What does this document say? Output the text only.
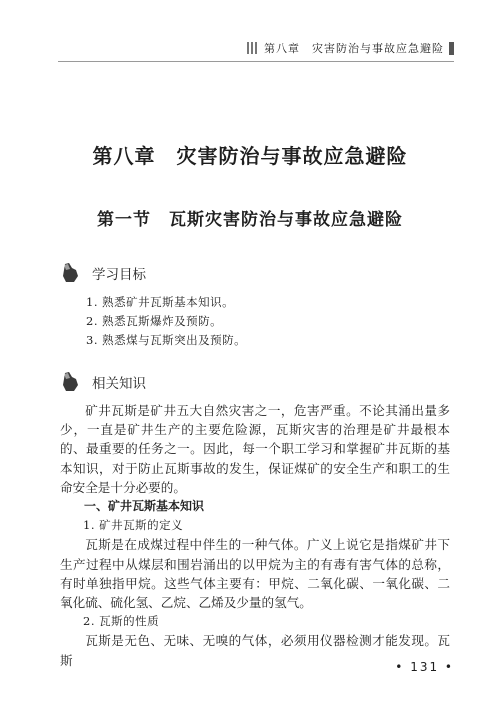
第八章　灾害防治与事故应急避险
第八章　灾害防治与事故应急避险
第一节　瓦斯灾害防治与事故应急避险
学习目标
1. 熟悉矿井瓦斯基本知识。
2. 熟悉瓦斯爆炸及预防。
3. 熟悉煤与瓦斯突出及预防。
相关知识

矿井瓦斯是矿井五大自然灾害之一，危害严重。不论其涌出量多少，一直是矿井生产的主要危险源，瓦斯灾害的治理是矿井最根本的、最重要的任务之一。因此，每一个职工学习和掌握矿井瓦斯的基本知识，对于防止瓦斯事故的发生，保证煤矿的安全生产和职工的生命安全是十分必要的。

一、矿井瓦斯基本知识

1. 矿井瓦斯的定义

瓦斯是在成煤过程中伴生的一种气体。广义上说它是指煤矿井下生产过程中从煤层和围岩涌出的以甲烷为主的有毒有害气体的总称，有时单独指甲烷。这些气体主要有：甲烷、二氧化碳、一氧化碳、二氧化硫、硫化氢、乙烷、乙烯及少量的氢气。

2. 瓦斯的性质

瓦斯是无色、无味、无嗅的气体，必须用仪器检测才能发现。瓦斯	• 131 •
